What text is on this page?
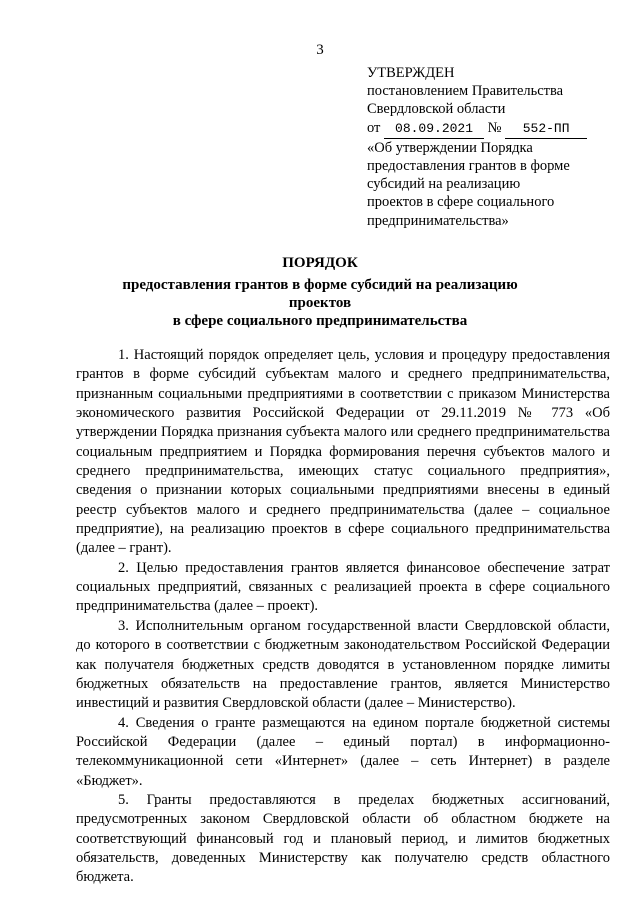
3
УТВЕРЖДЕН
постановлением Правительства
Свердловской области
от 08.09.2021 № 552-ПП
«Об утверждении Порядка
предоставления грантов в форме
субсидий на реализацию
проектов в сфере социального
предпринимательства»
ПОРЯДОК
предоставления грантов в форме субсидий на реализацию проектов
в сфере социального предпринимательства

1. Настоящий порядок определяет цель, условия и процедуру предоставления грантов в форме субсидий субъектам малого и среднего предпринимательства, признанным социальными предприятиями в соответствии с приказом Министерства экономического развития Российской Федерации от 29.11.2019 № 773 «Об утверждении Порядка признания субъекта малого или среднего предпринимательства социальным предприятием и Порядка формирования перечня субъектов малого и среднего предпринимательства, имеющих статус социального предприятия», сведения о признании которых социальными предприятиями внесены в единый реестр субъектов малого и среднего предпринимательства (далее – социальное предприятие), на реализацию проектов в сфере социального предпринимательства (далее – грант).

2. Целью предоставления грантов является финансовое обеспечение затрат социальных предприятий, связанных с реализацией проекта в сфере социального предпринимательства (далее – проект).

3. Исполнительным органом государственной власти Свердловской области, до которого в соответствии с бюджетным законодательством Российской Федерации как получателя бюджетных средств доводятся в установленном порядке лимиты бюджетных обязательств на предоставление грантов, является Министерство инвестиций и развития Свердловской области (далее – Министерство).

4. Сведения о гранте размещаются на едином портале бюджетной системы Российской Федерации (далее – единый портал) в информационно-телекоммуникационной сети «Интернет» (далее – сеть Интернет) в разделе «Бюджет».

5. Гранты предоставляются в пределах бюджетных ассигнований, предусмотренных законом Свердловской области об областном бюджете на соответствующий финансовый год и плановый период, и лимитов бюджетных обязательств, доведенных Министерству как получателю средств областного бюджета.
